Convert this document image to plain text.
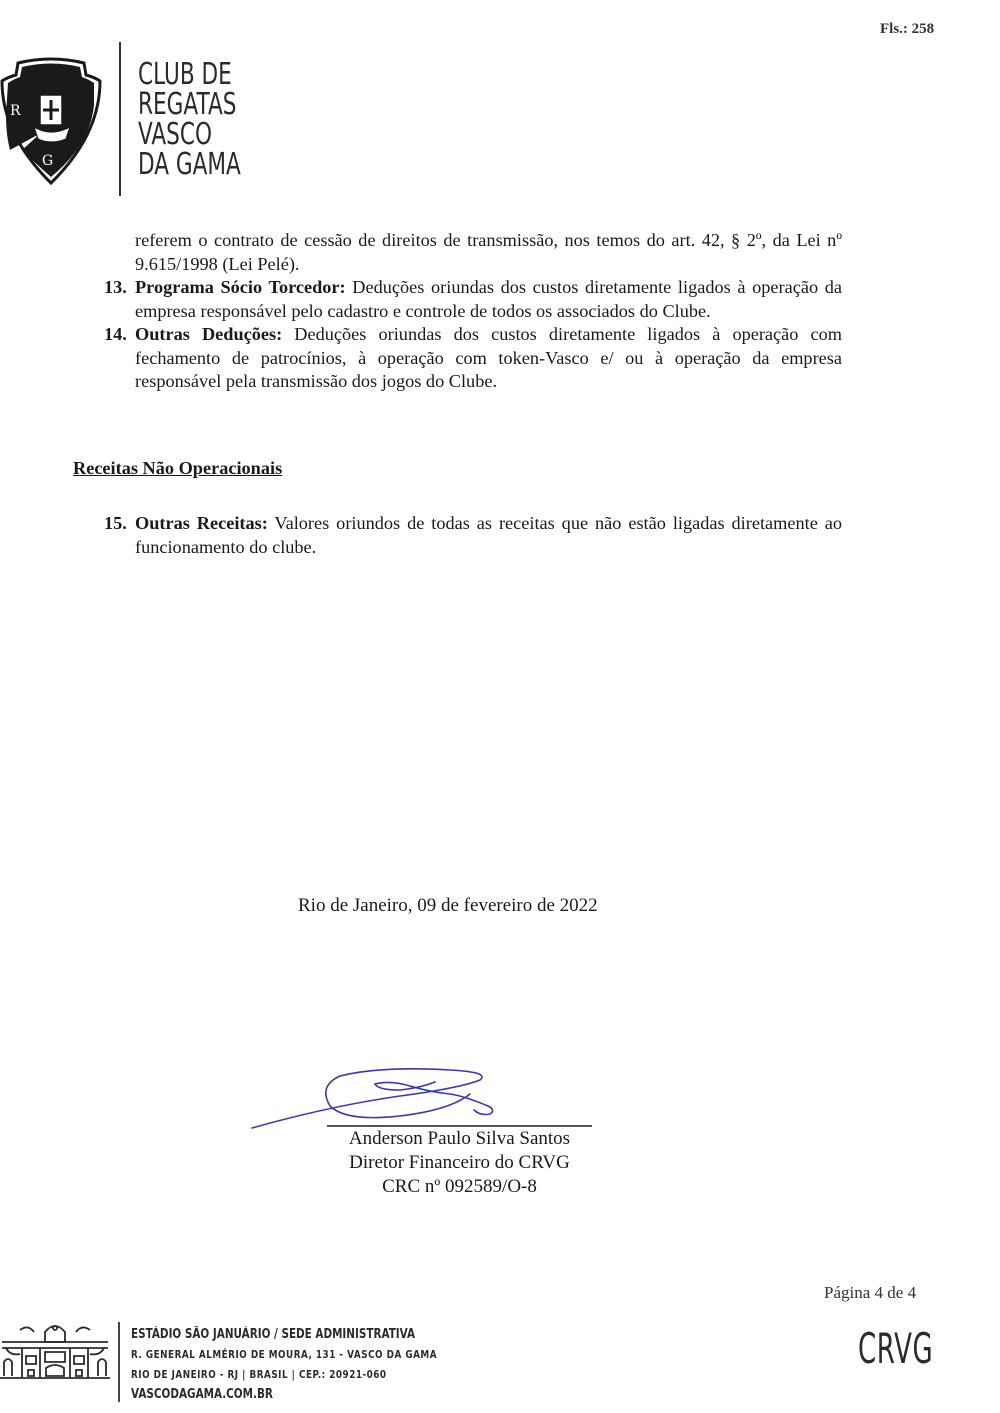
Fls.: 258
R
G
CLUB DE
REGATAS
VASCO
DA GAMA
referem o contrato de cessão de direitos de transmissão, nos temos do art. 42, § 2º, da Lei nº 9.615/1998 (Lei Pelé).
13. Programa Sócio Torcedor: Deduções oriundas dos custos diretamente ligados à operação da empresa responsável pelo cadastro e controle de todos os associados do Clube.
14. Outras Deduções: Deduções oriundas dos custos diretamente ligados à operação com fechamento de patrocínios, à operação com token-Vasco e/ ou à operação da empresa responsável pela transmissão dos jogos do Clube.
Receitas Não Operacionais
15. Outras Receitas: Valores oriundos de todas as receitas que não estão ligadas diretamente ao funcionamento do clube.
Rio de Janeiro, 09 de fevereiro de 2022
Anderson Paulo Silva Santos
Diretor Financeiro do CRVG
CRC nº 092589/O-8
Página 4 de 4
CRVG
ESTÁDIO SÃO JANUÁRIO / SEDE ADMINISTRATIVA
R. GENERAL ALMÉRIO DE MOURA, 131 - VASCO DA GAMA
RIO DE JANEIRO - RJ | BRASIL | CEP.: 20921-060
VASCODAGAMA.COM.BR
